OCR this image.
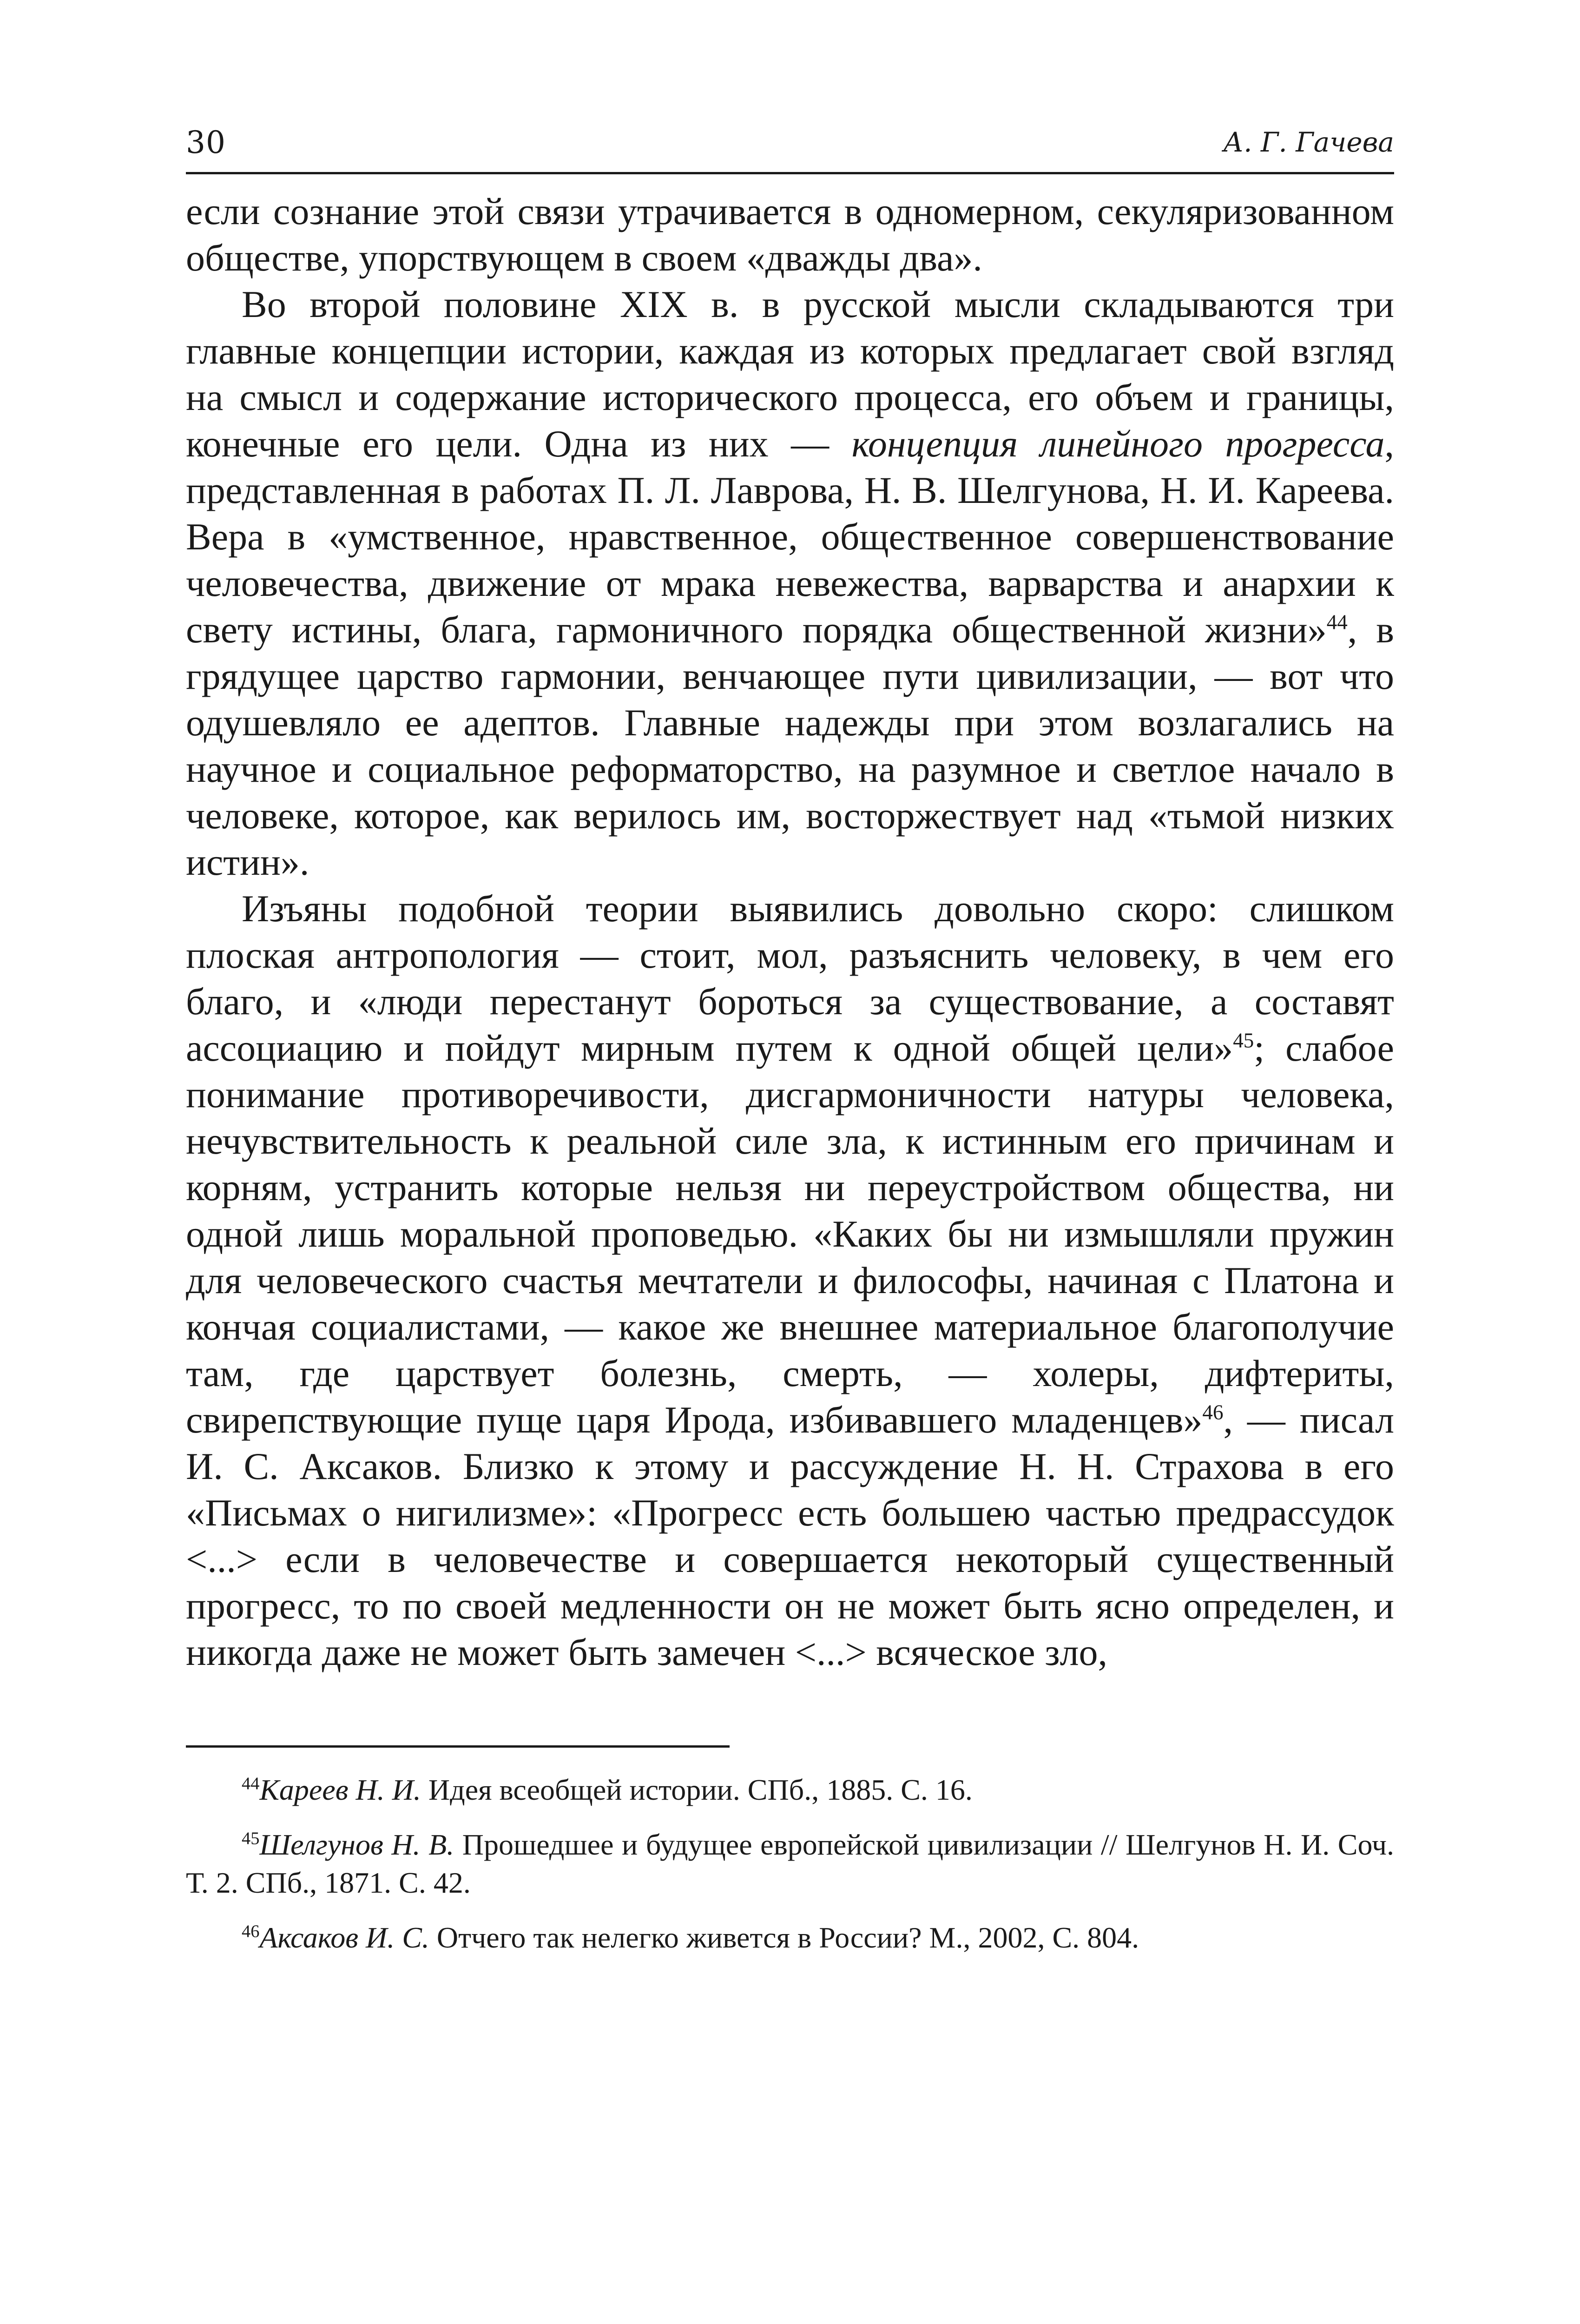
30	А. Г. Гачева

если сознание этой связи утрачивается в одномерном, секуляризованном обществе, упорствующем в своем «дважды два».

Во второй половине XIX в. в русской мысли складываются три главные концепции истории, каждая из которых предлагает свой взгляд на смысл и содержание исторического процесса, его объем и границы, конечные его цели. Одна из них — концепция линейного прогресса, представленная в работах П. Л. Лаврова, Н. В. Шелгунова, Н. И. Кареева. Вера в «умственное, нравственное, общественное совершенствование человечества, движение от мрака невежества, варварства и анархии к свету истины, блага, гармоничного порядка общественной жизни»$^{44}$, в грядущее царство гармонии, венчающее пути цивилизации, — вот что одушевляло ее адептов. Главные надежды при этом возлагались на научное и социальное реформаторство, на разумное и светлое начало в человеке, которое, как верилось им, восторжествует над «тьмой низких истин».

Изъяны подобной теории выявились довольно скоро: слишком плоская антропология — стоит, мол, разъяснить человеку, в чем его благо, и «люди перестанут бороться за существование, а составят ассоциацию и пойдут мирным путем к одной общей цели»$^{45}$; слабое понимание противоречивости, дисгармоничности натуры человека, нечувствительность к реальной силе зла, к истинным его причинам и корням, устранить которые нельзя ни переустройством общества, ни одной лишь моральной проповедью. «Каких бы ни измышляли пружин для человеческого счастья мечтатели и философы, начиная с Платона и кончая социалистами, — какое же внешнее материальное благополучие там, где царствует болезнь, смерть, — холеры, дифтериты, свирепствующие пуще царя Ирода, избивавшего младенцев»$^{46}$, — писал И. С. Аксаков. Близко к этому и рассуждение Н. Н. Страхова в его «Письмах о нигилизме»: «Прогресс есть большею частью предрассудок <...> если в человечестве и совершается некоторый существенный прогресс, то по своей медленности он не может быть ясно определен, и никогда даже не может быть замечен <...> всяческое зло,

$^{44}$Кареев Н. И. Идея всеобщей истории. СПб., 1885. С. 16.

$^{45}$Шелгунов Н. В. Прошедшее и будущее европейской цивилизации // Шелгунов Н. И. Соч. Т. 2. СПб., 1871. С. 42.

$^{46}$Аксаков И. С. Отчего так нелегко живется в России? М., 2002, С. 804.
